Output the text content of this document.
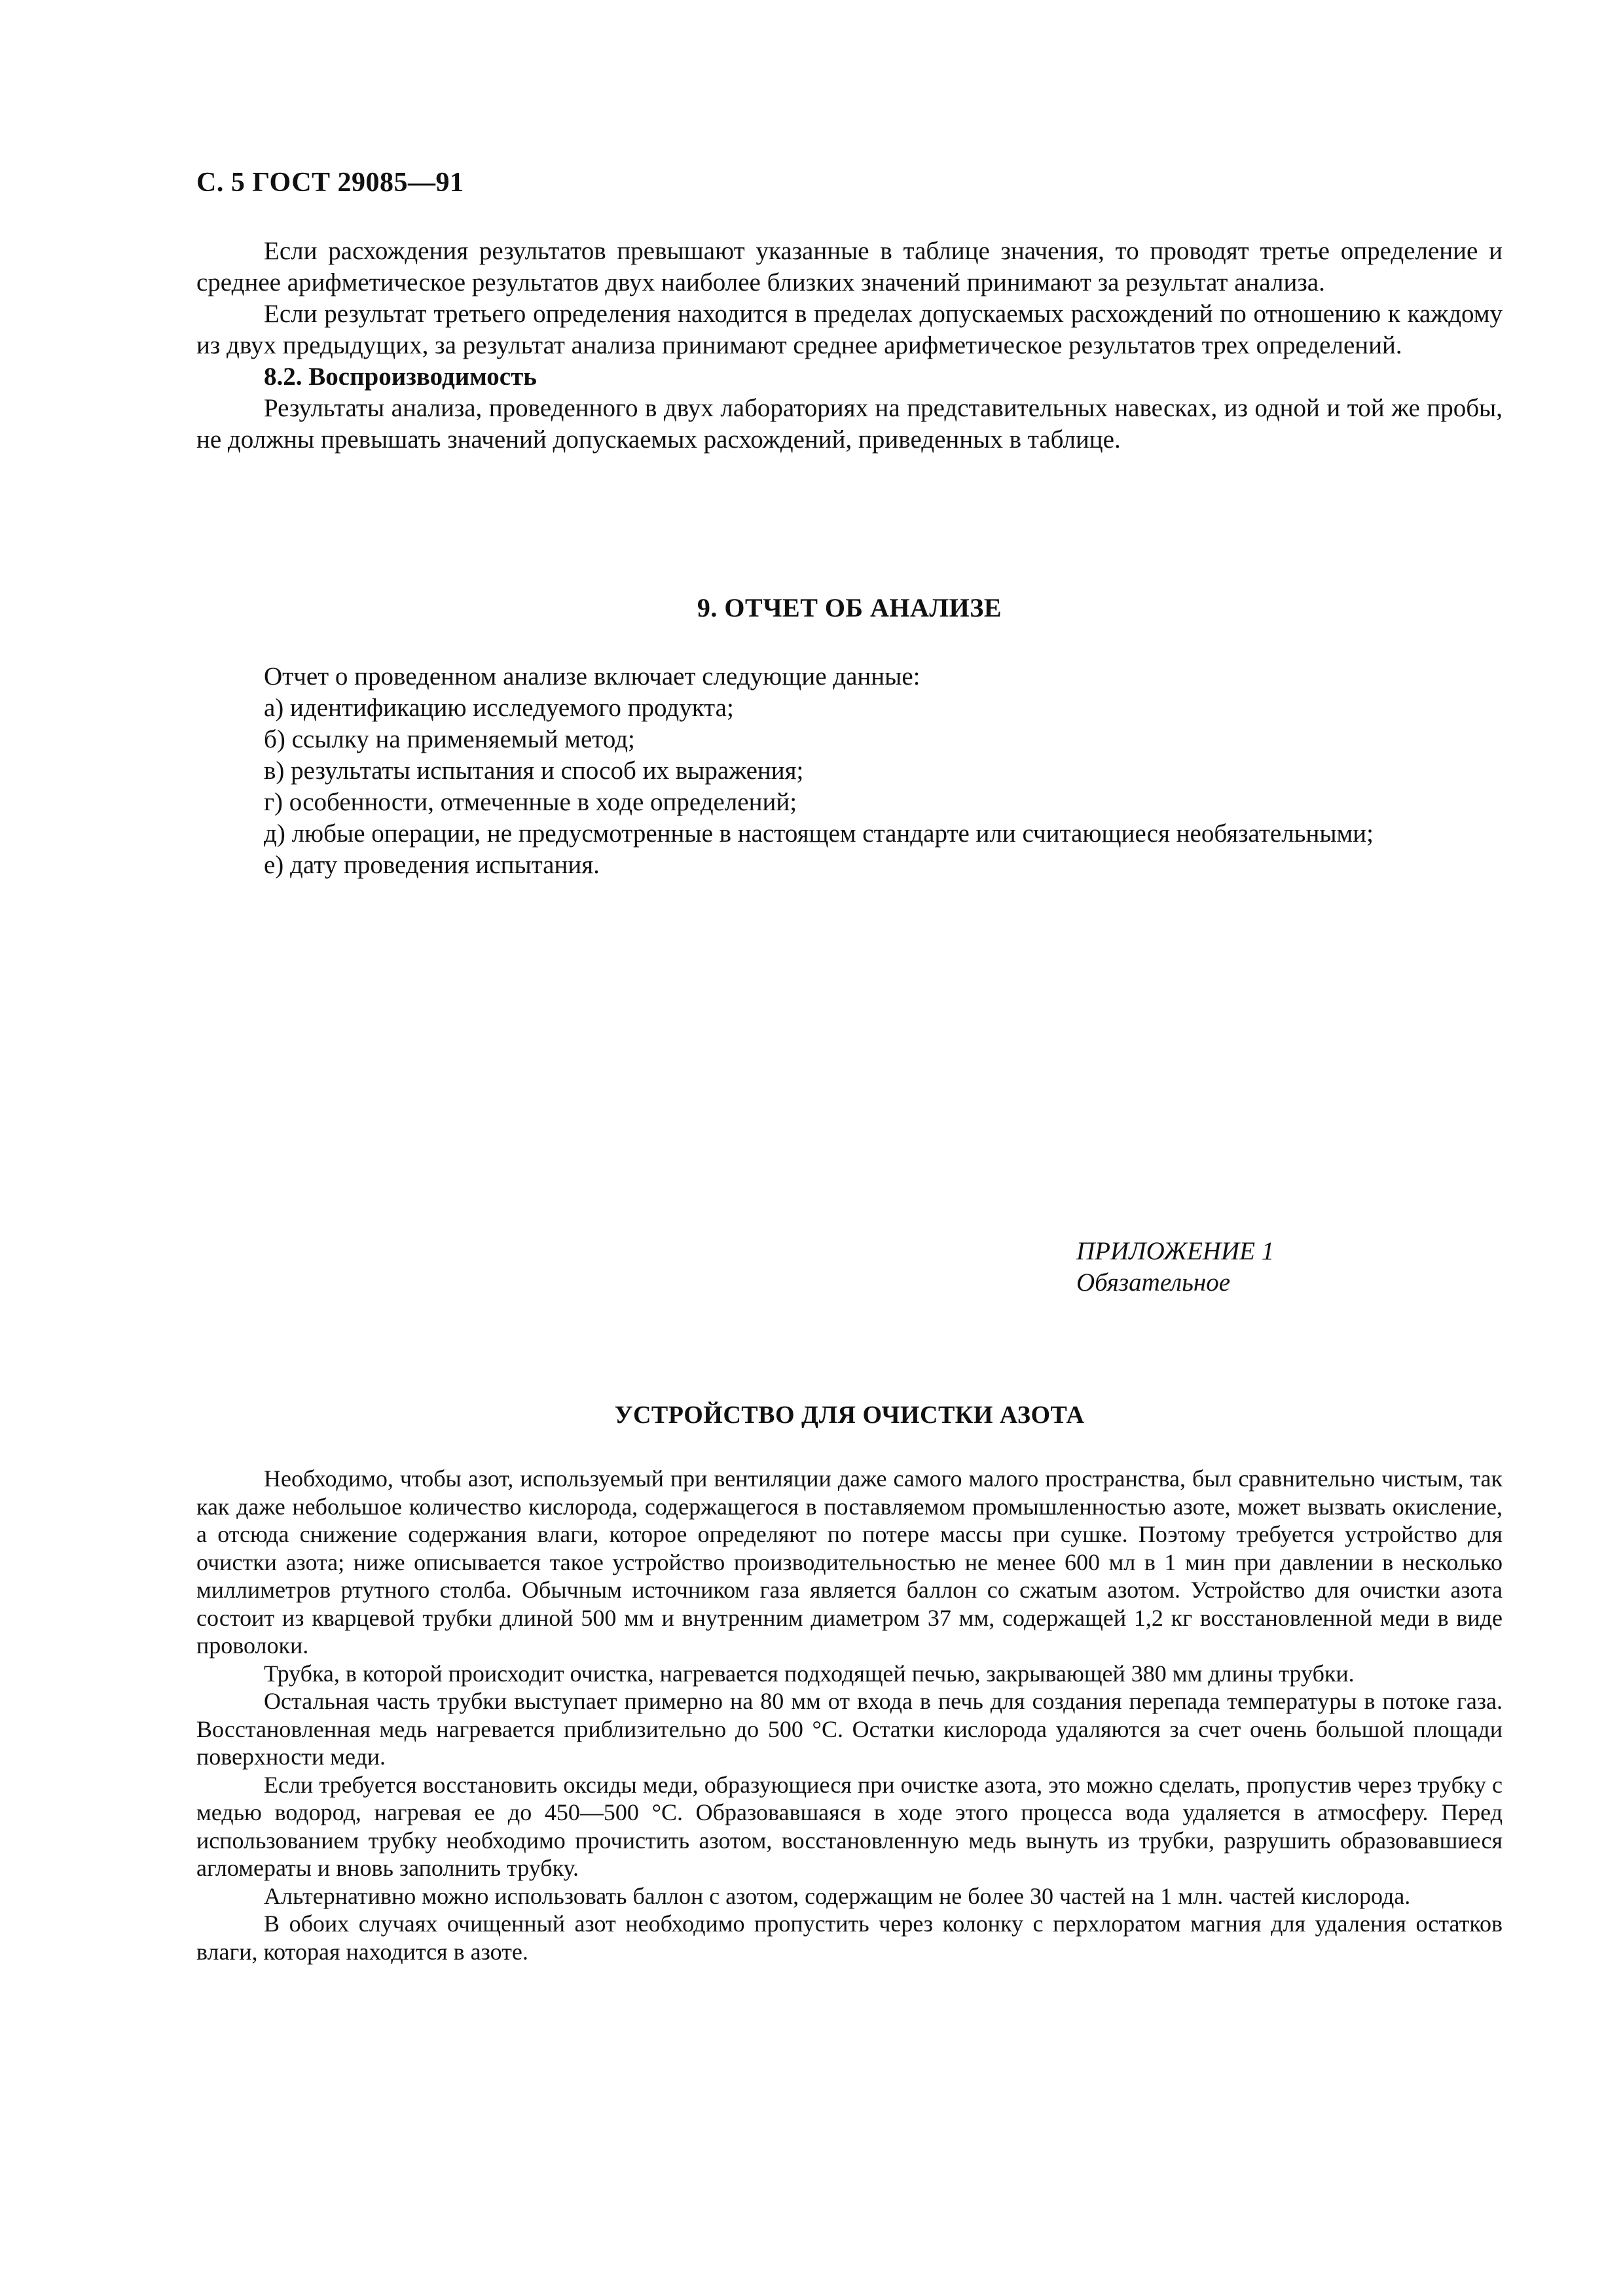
С. 5 ГОСТ 29085—91

Если расхождения результатов превышают указанные в таблице значения, то проводят третье определение и среднее арифметическое результатов двух наиболее близких значений принимают за результат анализа.

Если результат третьего определения находится в пределах допускаемых расхождений по отношению к каждому из двух предыдущих, за результат анализа принимают среднее арифметическое результатов трех определений.

8.2. Воспроизводимость

Результаты анализа, проведенного в двух лабораториях на представительных навесках, из одной и той же пробы, не должны превышать значений допускаемых расхождений, приведенных в таблице.

9. ОТЧЕТ ОБ АНАЛИЗЕ

Отчет о проведенном анализе включает следующие данные:

а) идентификацию исследуемого продукта;

б) ссылку на применяемый метод;

в) результаты испытания и способ их выражения;

г) особенности, отмеченные в ходе определений;

д) любые операции, не предусмотренные в настоящем стандарте или считающиеся необязательными;

е) дату проведения испытания.

ПРИЛОЖЕНИЕ 1
Обязательное
УСТРОЙСТВО ДЛЯ ОЧИСТКИ АЗОТА

Необходимо, чтобы азот, используемый при вентиляции даже самого малого пространства, был сравнительно чистым, так как даже небольшое количество кислорода, содержащегося в поставляемом промышленностью азоте, может вызвать окисление, а отсюда снижение содержания влаги, которое определяют по потере массы при сушке. Поэтому требуется устройство для очистки азота; ниже описывается такое устройство производительностью не менее 600 мл в 1 мин при давлении в несколько миллиметров ртутного столба. Обычным источником газа является баллон со сжатым азотом. Устройство для очистки азота состоит из кварцевой трубки длиной 500 мм и внутренним диаметром 37 мм, содержащей 1,2 кг восстановленной меди в виде проволоки.

Трубка, в которой происходит очистка, нагревается подходящей печью, закрывающей 380 мм длины трубки.

Остальная часть трубки выступает примерно на 80 мм от входа в печь для создания перепада температуры в потоке газа. Восстановленная медь нагревается приблизительно до 500 °С. Остатки кислорода удаляются за счет очень большой площади поверхности меди.

Если требуется восстановить оксиды меди, образующиеся при очистке азота, это можно сделать, пропустив через трубку с медью водород, нагревая ее до 450—500 °С. Образовавшаяся в ходе этого процесса вода удаляется в атмосферу. Перед использованием трубку необходимо прочистить азотом, восстановленную медь вынуть из трубки, разрушить образовавшиеся агломераты и вновь заполнить трубку.

Альтернативно можно использовать баллон с азотом, содержащим не более 30 частей на 1 млн. частей кислорода.

В обоих случаях очищенный азот необходимо пропустить через колонку с перхлоратом магния для удаления остатков влаги, которая находится в азоте.
